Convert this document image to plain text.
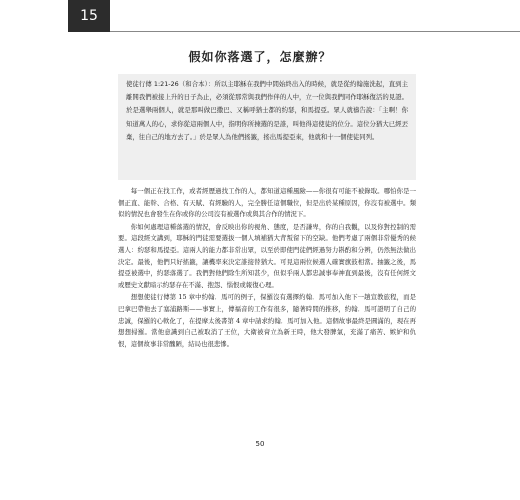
15
假如你落選了，怎麼辦？
使徒行傳 1:21-26（和合本）：所以主耶穌在我們中間始終出入的時候，就是從約翰施洗起，直到主離開我們被接上升的日子為止，必須從那常與我們作伴的人中，立一位與我們同作耶穌復活的見證。於是選舉兩個人，就是那叫做巴撒巴、又稱呼猶士都的約瑟，和馬提亞。眾人就禱告說：「主啊！你知道萬人的心，求你從這兩個人中，指明你所揀選的是誰，叫他得這使徒的位分。這位分猶大已經丟棄，往自己的地方去了。」於是眾人為他們搖籤，搖出馬提亞來，他就和十一個使徒同列。

每一個正在找工作，或者經歷過找工作的人，都知道這種風險——你很有可能不被錄取。哪怕你是一個正直、能幹、合格、有天賦、有經驗的人，完全勝任這個職位，但是出於某種原因，你沒有被選中。類似的情況也會發生在你或你的公司沒有被選作或與其合作的情況下。

你如何處理這種落選的情況，會反映出你的視角、態度，是否謙卑，你的自我觀，以及你對控制的需要。這段經文講到，耶穌的門徒需要選拔一個人填補猶大背叛留下的空缺。他們考慮了兩個非常優秀的候選人：約瑟和馬提亞。這兩人的能力都非常出眾，以至於即使門徒們經過努力斟酌和分辨，仍然無法做出決定。最後，他們只好搖籤，讓機率來決定誰接替猶大。可見這兩位候選人確實旗鼓相當。抽籤之後，馬提亞被選中，約瑟落選了。我們對他們除生所知甚少，但似乎兩人都忠誠事奉神直到最後，沒有任何經文或歷史文獻暗示約瑟存在不滿、抱怨、惱恨或報復心理。

想想使徒行傳第 15 章中約翰．馬可的例子，保羅沒有選擇約翰．馬可加入他下一趟宣教旅程，而是巴拿巴帶他去了塞浦路斯——事實上，傳福音的工作有很多，隨著時間的推移，約翰．馬可證明了自己的忠誠，保羅的心軟化了，在提摩太後書第 4 章中請求約翰．馬可加入他。這個故事最終是圓滿的，現在再想想掃羅。當他意識到自己被取消了王位，大衛被膏立為新王時，他大發脾氣，充滿了痛苦、嫉妒和仇恨，這個故事非常醜陋，結局也很悲慘。

50
